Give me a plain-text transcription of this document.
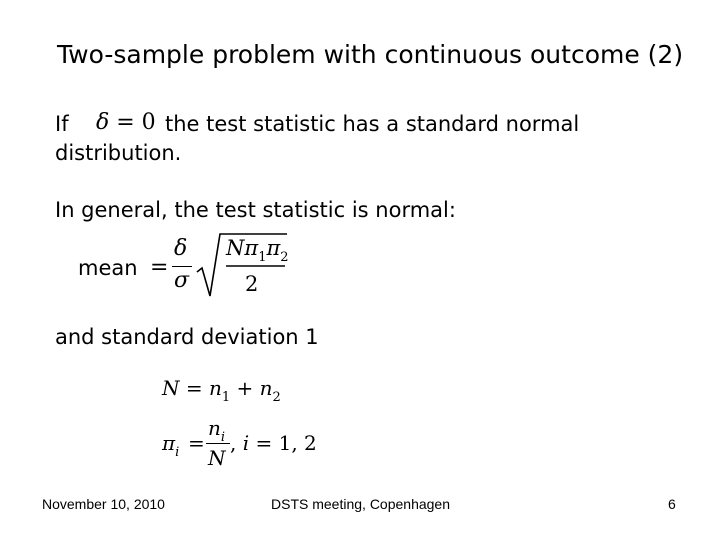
Two-sample problem with continuous outcome (2)
If δ = 0 the test statistic has a standard normal
distribution.
In general, the test statistic is normal:
mean =
δ
σ
$N\pi_1\pi_2$
2
and standard deviation 1
$N = n_1 + n_2$
$\pi_i$ =
$n_i$
N
, i = 1, 2
November 10, 2010	DSTS meeting, Copenhagen	6
